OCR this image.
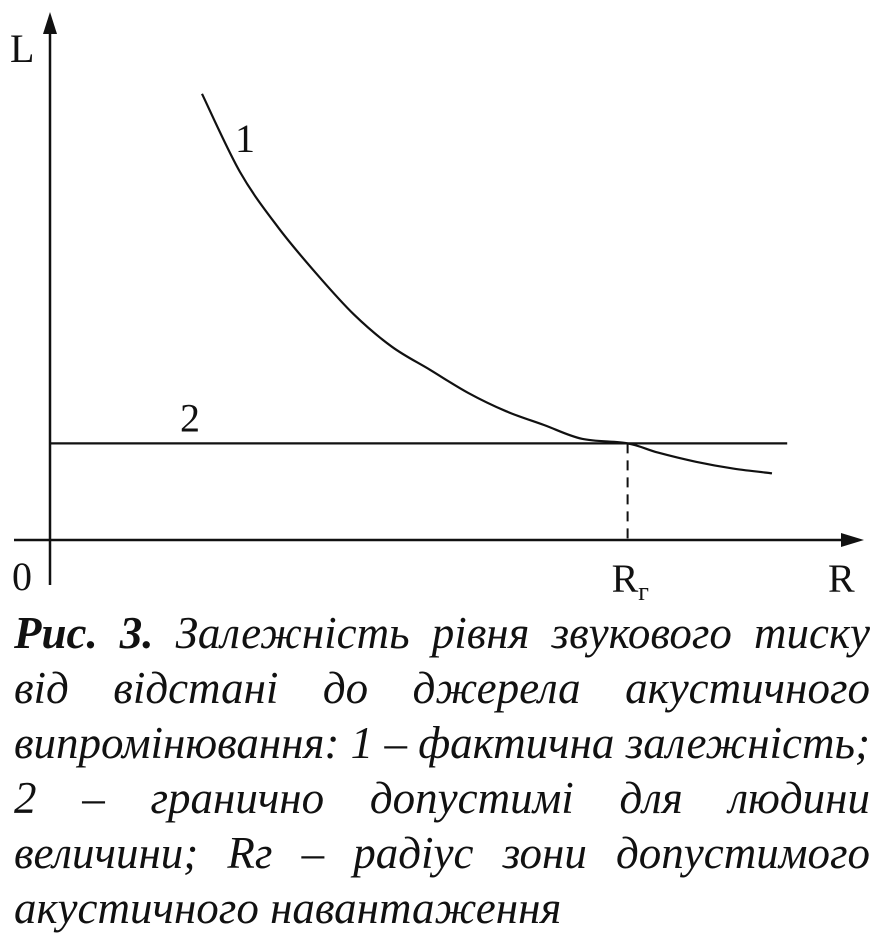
L
R
0	$R_г$
1
2
Рис. 3. Залежність рівня звукового тиску від відстані до джерела акустичного випромінювання: 1 – фактична залежність; 2 – гранично допустимі для людини величини; Rг – радіус зони допустимого акустичного навантаження
